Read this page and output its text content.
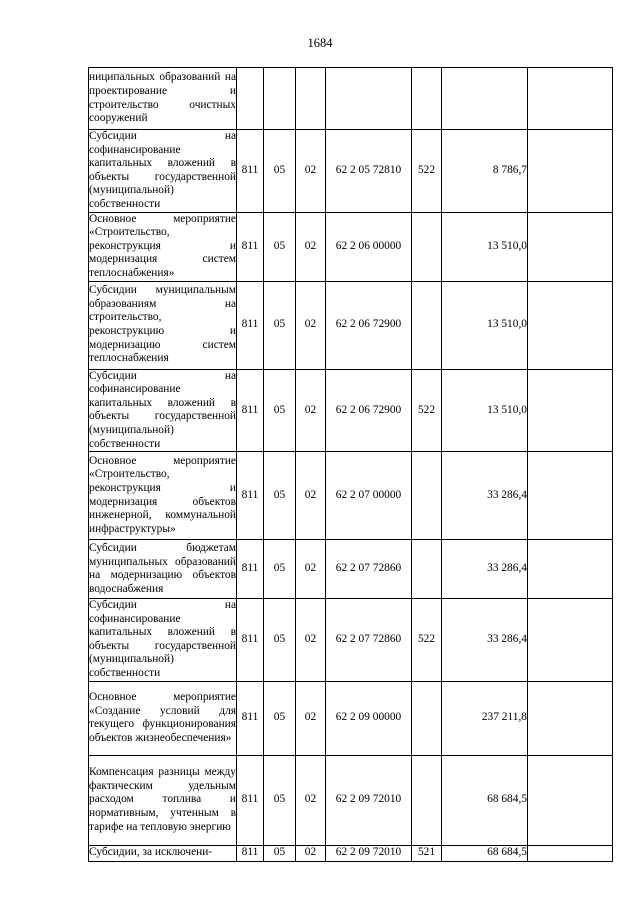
1684
ниципальных образований на проектирование и строительство очистных сооружений							
Субсидии на софинансирование капитальных вложений в объекты государственной (муниципальной) собственности	811	05	02	62 2 05 72810	522	8 786,7	
Основное мероприятие «Строительство, реконструкция и модернизация систем теплоснабжения»	811	05	02	62 2 06 00000		13 510,0	
Субсидии муниципальным образованиям на строительство, реконструкцию и модернизацию систем теплоснабжения	811	05	02	62 2 06 72900		13 510,0	
Субсидии на софинансирование капитальных вложений в объекты государственной (муниципальной) собственности	811	05	02	62 2 06 72900	522	13 510,0	
Основное мероприятие «Строительство, реконструкция и модернизация объектов инженерной, коммунальной инфраструктуры»	811	05	02	62 2 07 00000		33 286,4	
Субсидии бюджетам муниципальных образований на модернизацию объектов водоснабжения	811	05	02	62 2 07 72860		33 286,4	
Субсидии на софинансирование капитальных вложений в объекты государственной (муниципальной) собственности	811	05	02	62 2 07 72860	522	33 286,4	
Основное мероприятие «Создание условий для текущего функционирования объектов жизнеобеспечения»	811	05	02	62 2 09 00000		237 211,8	
Компенсация разницы между фактическим удельным расходом топлива и нормативным, учтенным в тарифе на тепловую энергию	811	05	02	62 2 09 72010		68 684,5	
Субсидии, за исключени-	811	05	02	62 2 09 72010	521	68 684,5	
